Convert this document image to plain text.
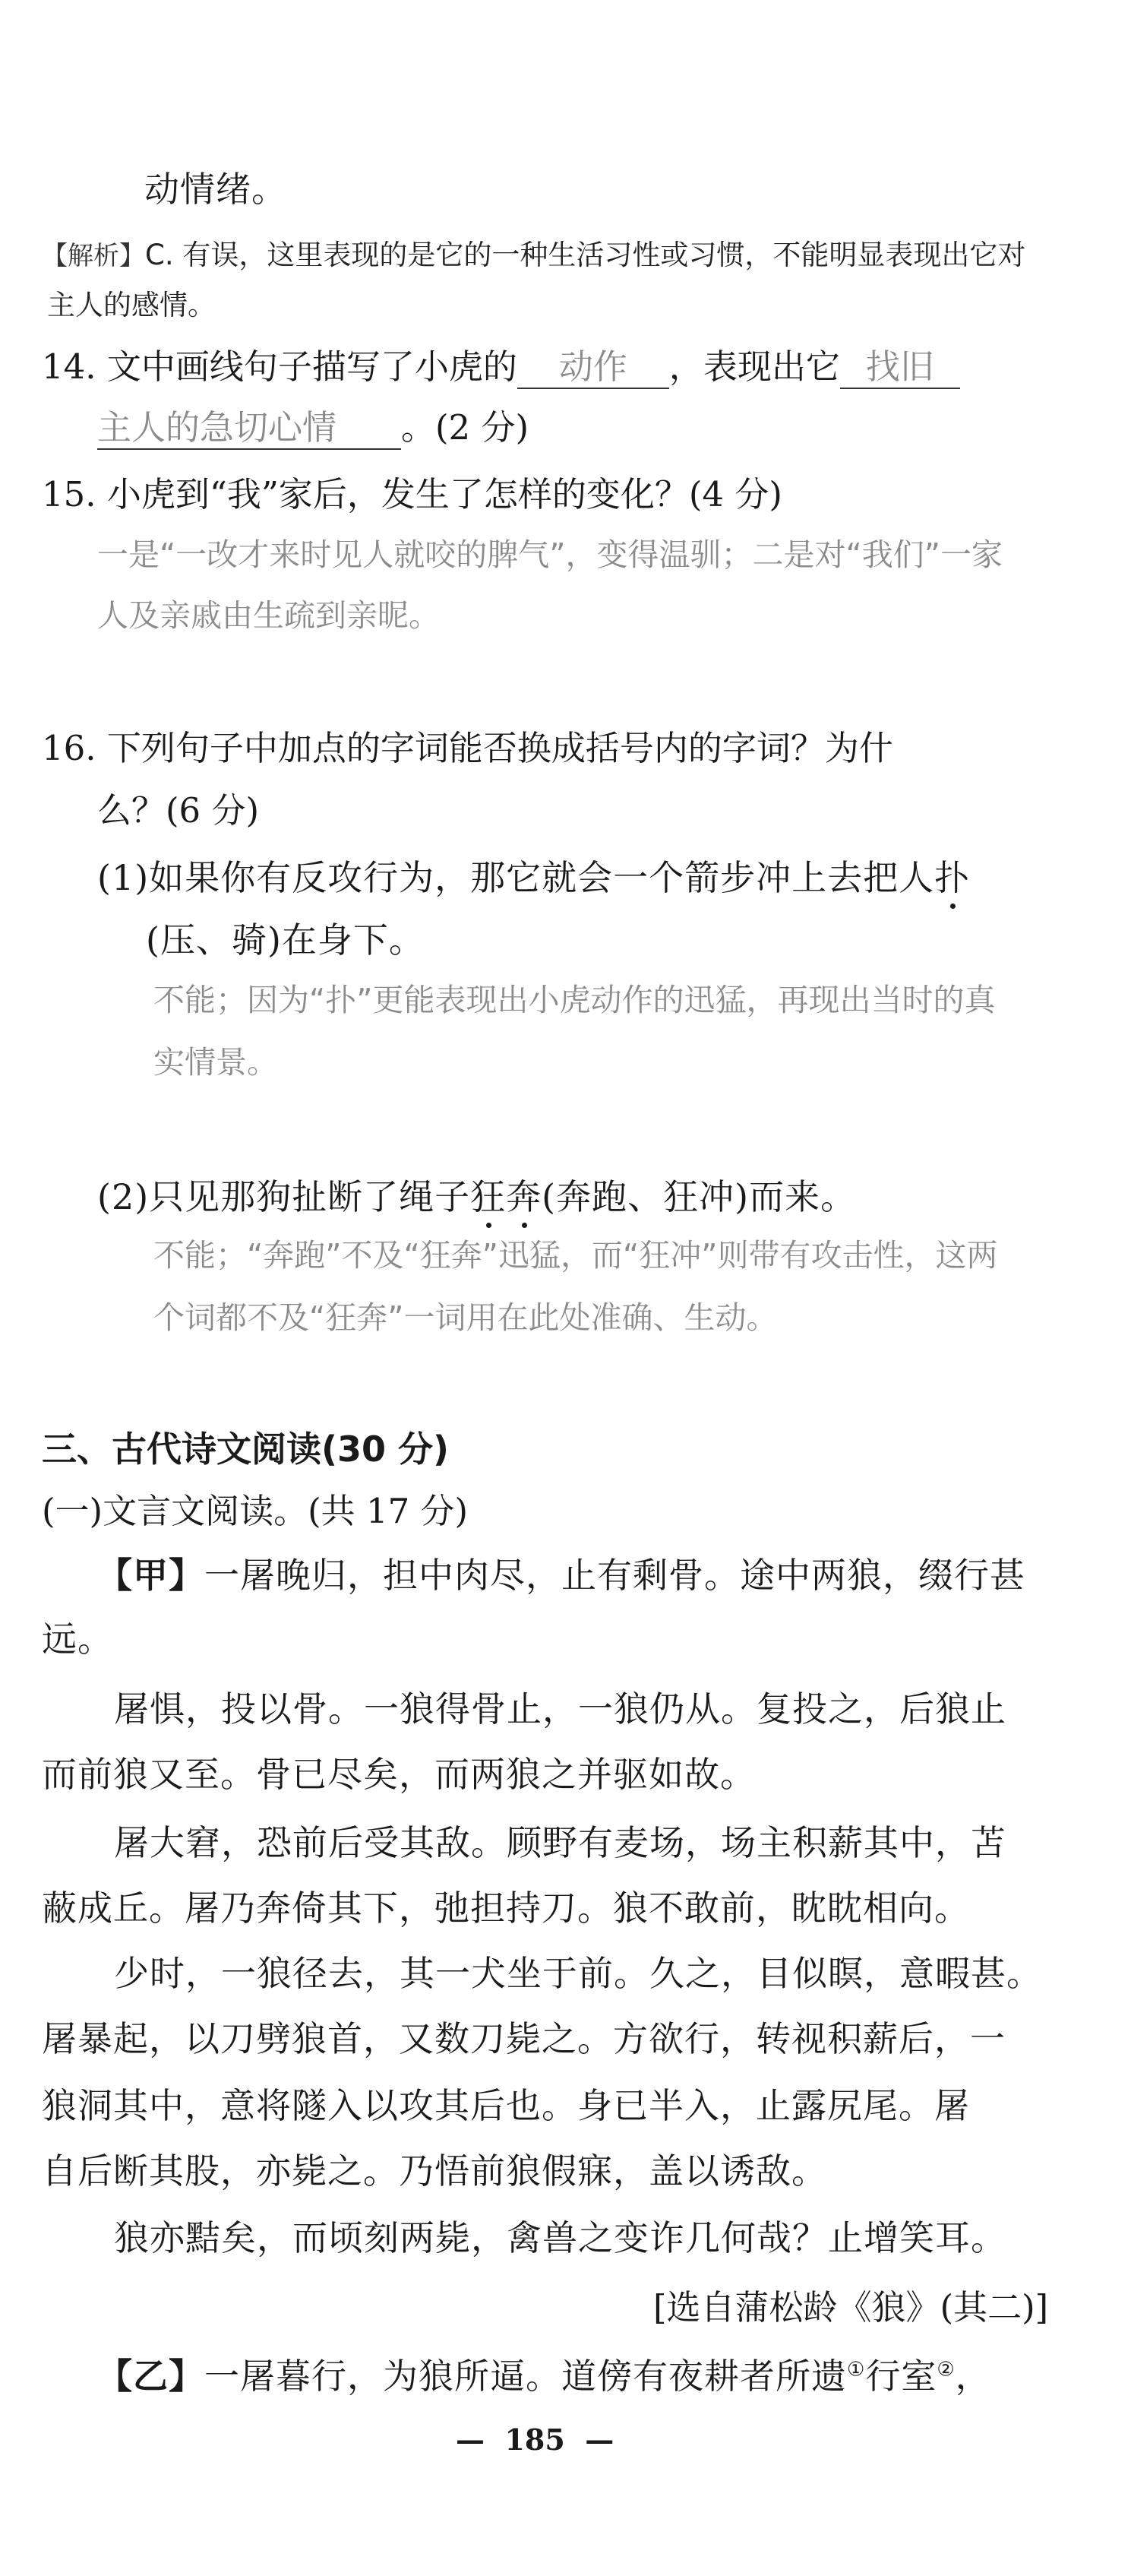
动情绪。
【解析】C. 有误，这里表现的是它的一种生活习性或习惯，不能明显表现出它对
主人的感情。
14. 文中画线句子描写了小虎的 动作 ，表现出它 找旧
主人的急切心情 。(2 分)
15. 小虎到“我”家后，发生了怎样的变化？(4 分)
一是“一改才来时见人就咬的脾气”，变得温驯；二是对“我们”一家
人及亲戚由生疏到亲昵。
16. 下列句子中加点的字词能否换成括号内的字词？为什
么？(6 分)
(1)如果你有反攻行为，那它就会一个箭步冲上去把人扑
(压、骑)在身下。
不能；因为“扑”更能表现出小虎动作的迅猛，再现出当时的真
实情景。
(2)只见那狗扯断了绳子狂奔(奔跑、狂冲)而来。
不能；“奔跑”不及“狂奔”迅猛，而“狂冲”则带有攻击性，这两
个词都不及“狂奔”一词用在此处准确、生动。
三、古代诗文阅读(30 分)
(一)文言文阅读。(共 17 分)
【甲】一屠晚归，担中肉尽，止有剩骨。途中两狼，缀行甚
远。
屠惧，投以骨。一狼得骨止，一狼仍从。复投之，后狼止
而前狼又至。骨已尽矣，而两狼之并驱如故。
屠大窘，恐前后受其敌。顾野有麦场，场主积薪其中，苫
蔽成丘。屠乃奔倚其下，弛担持刀。狼不敢前，眈眈相向。
少时，一狼径去，其一犬坐于前。久之，目似瞑，意暇甚。
屠暴起，以刀劈狼首，又数刀毙之。方欲行，转视积薪后，一
狼洞其中，意将隧入以攻其后也。身已半入，止露尻尾。屠
自后断其股，亦毙之。乃悟前狼假寐，盖以诱敌。
狼亦黠矣，而顷刻两毙，禽兽之变诈几何哉？止增笑耳。
[选自蒲松龄《狼》(其二)]
【乙】一屠暮行，为狼所逼。道傍有夜耕者所遗①行室②，
— 185 —
